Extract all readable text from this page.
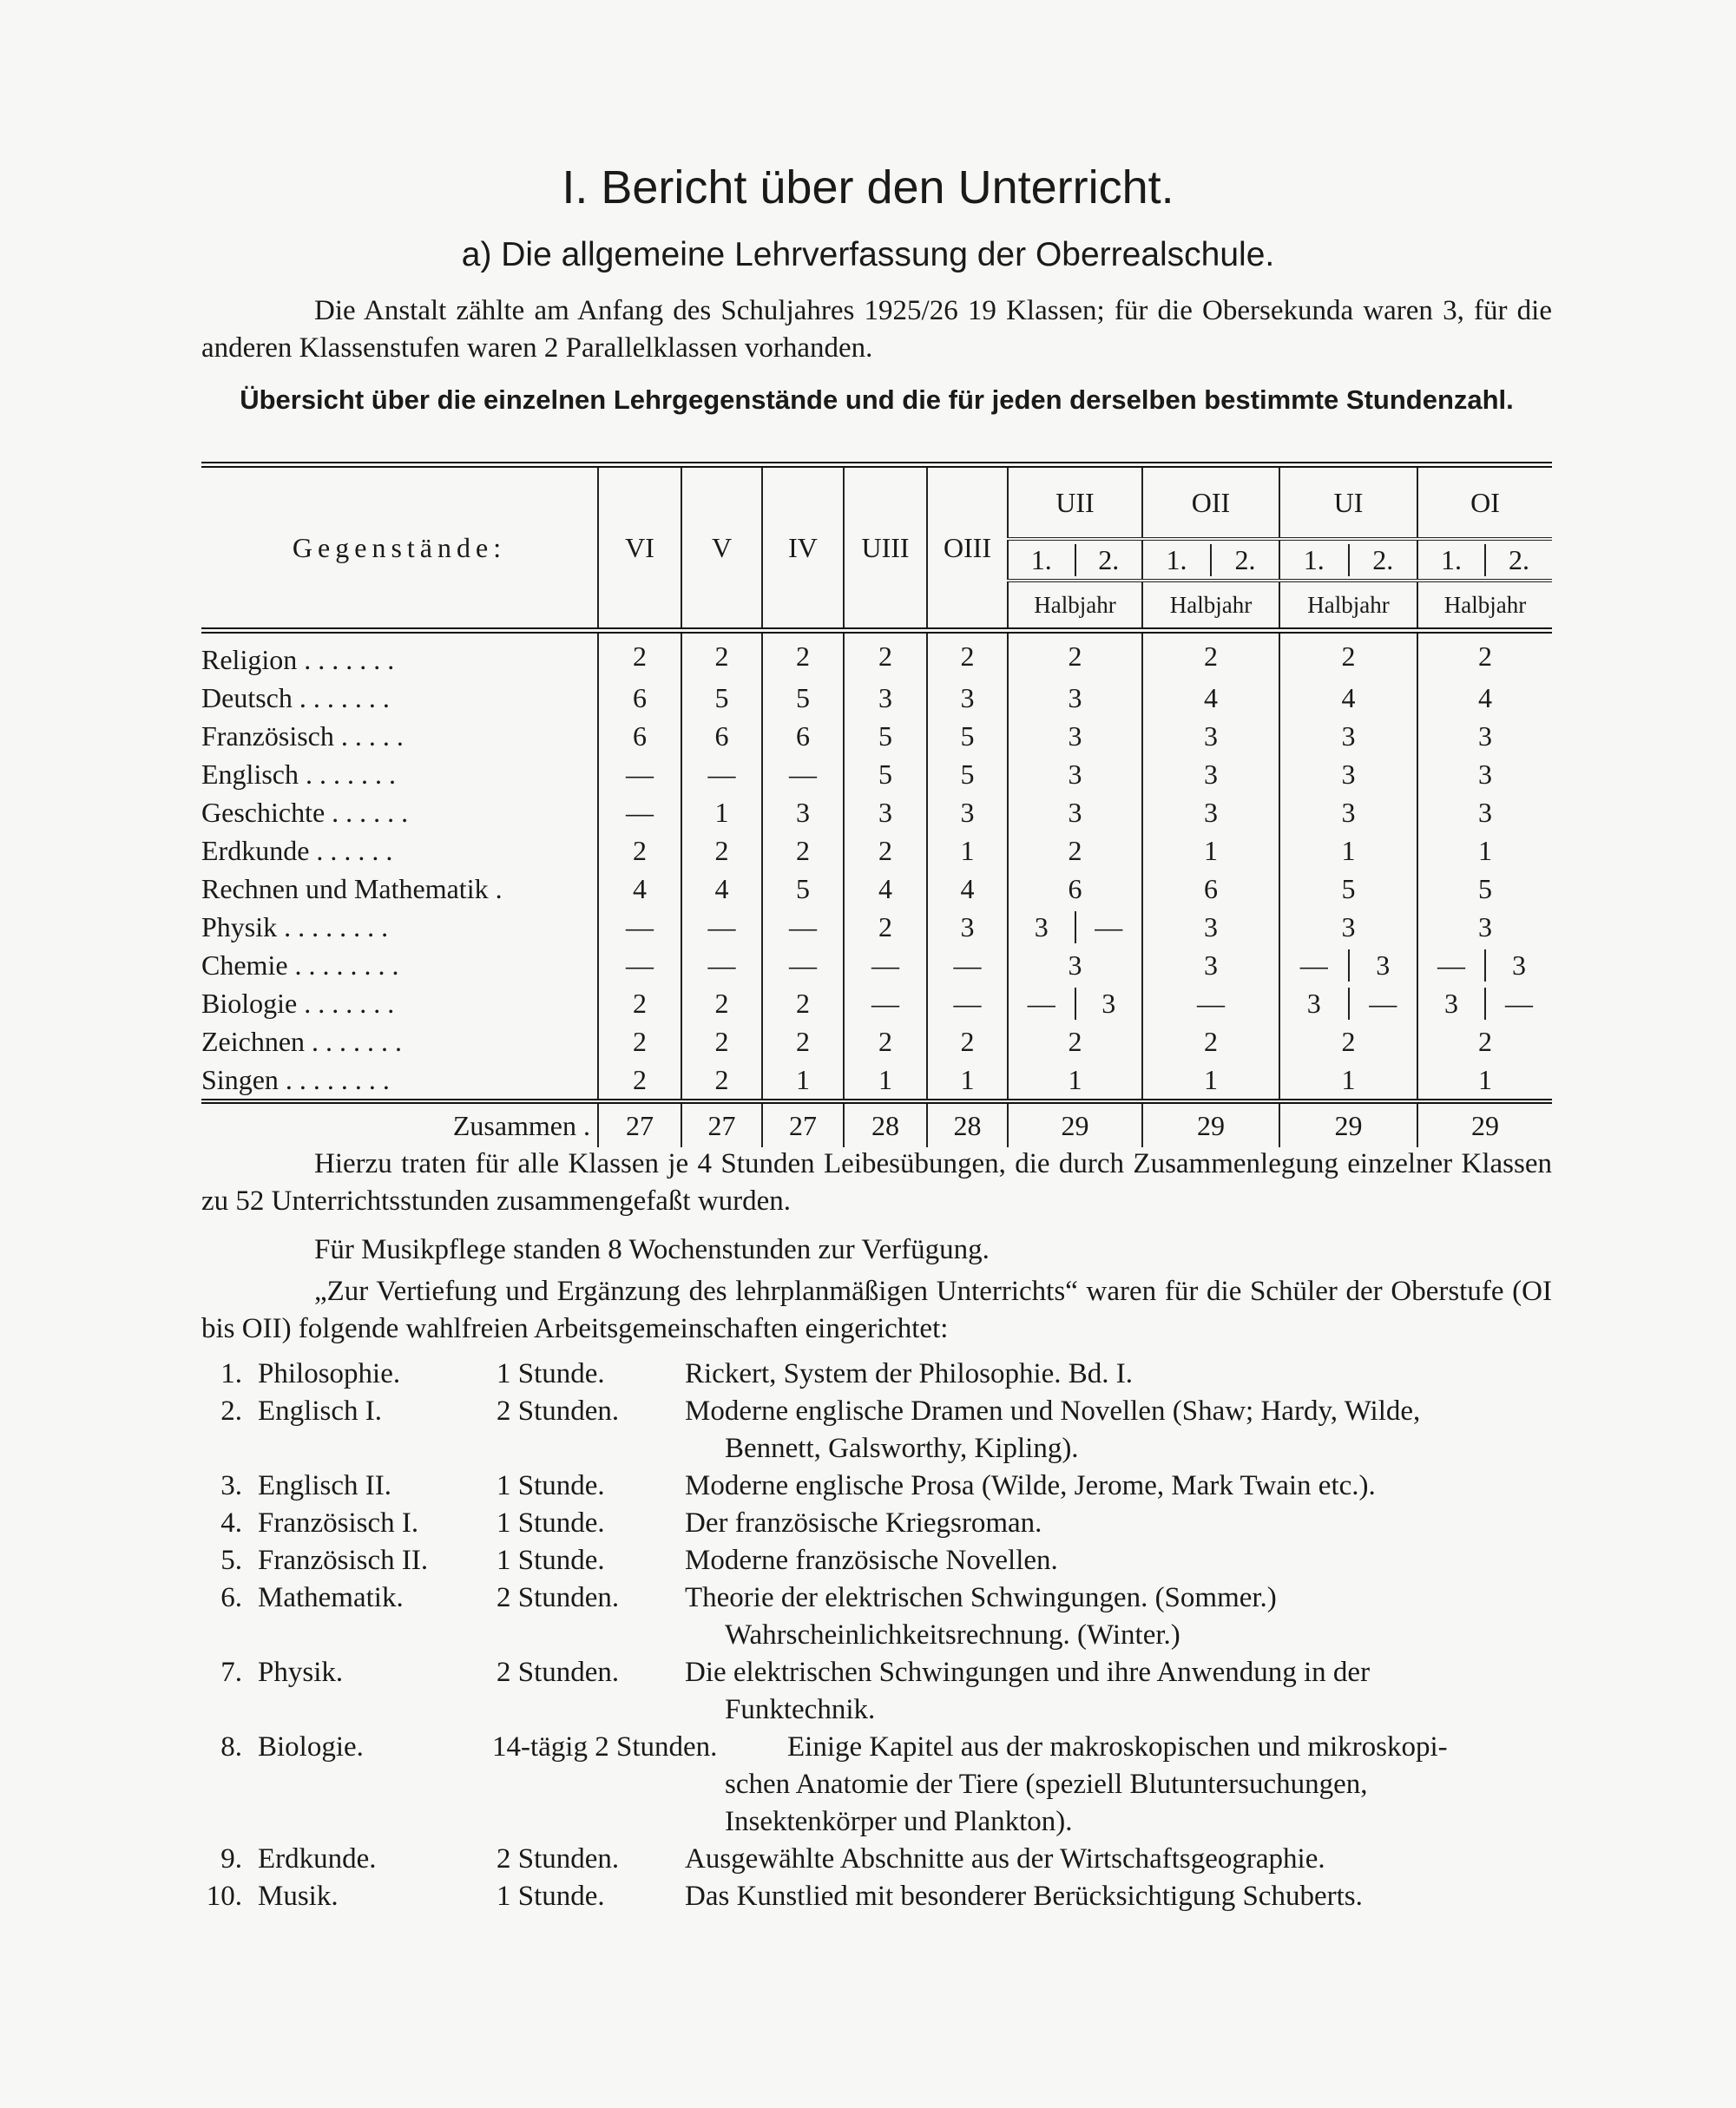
I. Bericht über den Unterricht.
a) Die allgemeine Lehrverfassung der Oberrealschule.
Die Anstalt zählte am Anfang des Schuljahres 1925/26 19 Klassen; für die Obersekunda waren 3, für die anderen Klassenstufen waren 2 Parallelklassen vorhanden.
Übersicht über die einzelnen Lehrgegenstände und die für jeden derselben bestimmte Stundenzahl.
Gegenstände:	VI	V	IV	UIII	OIII	UII	OII	UI	OI

						1. 2.	1. 2.	1. 2.	1. 2.

						Halbjahr	Halbjahr	Halbjahr	Halbjahr
Religion . . . . . . .	2	2	2	2	2	2	2	2	2
Deutsch . . . . . . .	6	5	5	3	3	3	4	4	4
Französisch . . . . .	6	6	6	5	5	3	3	3	3
Englisch . . . . . . .	—	—	—	5	5	3	3	3	3
Geschichte . . . . . .	—	1	3	3	3	3	3	3	3
Erdkunde . . . . . .	2	2	2	2	1	2	1	1	1
Rechnen und Mathematik .	4	4	5	4	4	6	6	5	5
Physik . . . . . . . .	—	—	—	2	3	3 —	3	3	3
Chemie . . . . . . . .	—	—	—	—	—	3	3	— 3	— 3

Biologie . . . . . . .	2	2	2	—	—	— 3	—	3 —	3 —

Zeichnen . . . . . . .	2	2	2	2	2	2	2	2	2
Singen . . . . . . . .	2	2	1	1	1	1	1	1	1
Zusammen .	27	27	27	28	28	29	29	29	29
Hierzu traten für alle Klassen je 4 Stunden Leibesübungen, die durch Zusammenlegung einzelner Klassen zu 52 Unterrichtsstunden zusammengefaßt wurden.
Für Musikpflege standen 8 Wochenstunden zur Verfügung.
„Zur Vertiefung und Ergänzung des lehrplanmäßigen Unterrichts“ waren für die Schüler der Oberstufe (OI bis OII) folgende wahlfreien Arbeitsgemeinschaften eingerichtet:
1. Philosophie.	1 Stunde.	Rickert, System der Philosophie. Bd. I.
2. Englisch I.	2 Stunden. Moderne englische Dramen und Novellen (Shaw; Hardy, Wilde,
Bennett, Galsworthy, Kipling).
3. Englisch II.	1 Stunde.	Moderne englische Prosa (Wilde, Jerome, Mark Twain etc.).
4. Französisch I.	1 Stunde.	Der französische Kriegsroman.
5. Französisch II. 1 Stunde.	Moderne französische Novellen.
6. Mathematik.	2 Stunden. Theorie der elektrischen Schwingungen. (Sommer.)
Wahrscheinlichkeitsrechnung. (Winter.)
7. Physik.	2 Stunden. Die elektrischen Schwingungen und ihre Anwendung in der
Funktechnik.
8. Biologie.	14-tägig 2 Stunden. Einige Kapitel aus der makroskopischen und mikroskopi-
schen Anatomie der Tiere (speziell Blutuntersuchungen,
Insektenkörper und Plankton).
9. Erdkunde.	2 Stunden. Ausgewählte Abschnitte aus der Wirtschaftsgeographie.
10. Musik.	1 Stunde.	Das Kunstlied mit besonderer Berücksichtigung Schuberts.
